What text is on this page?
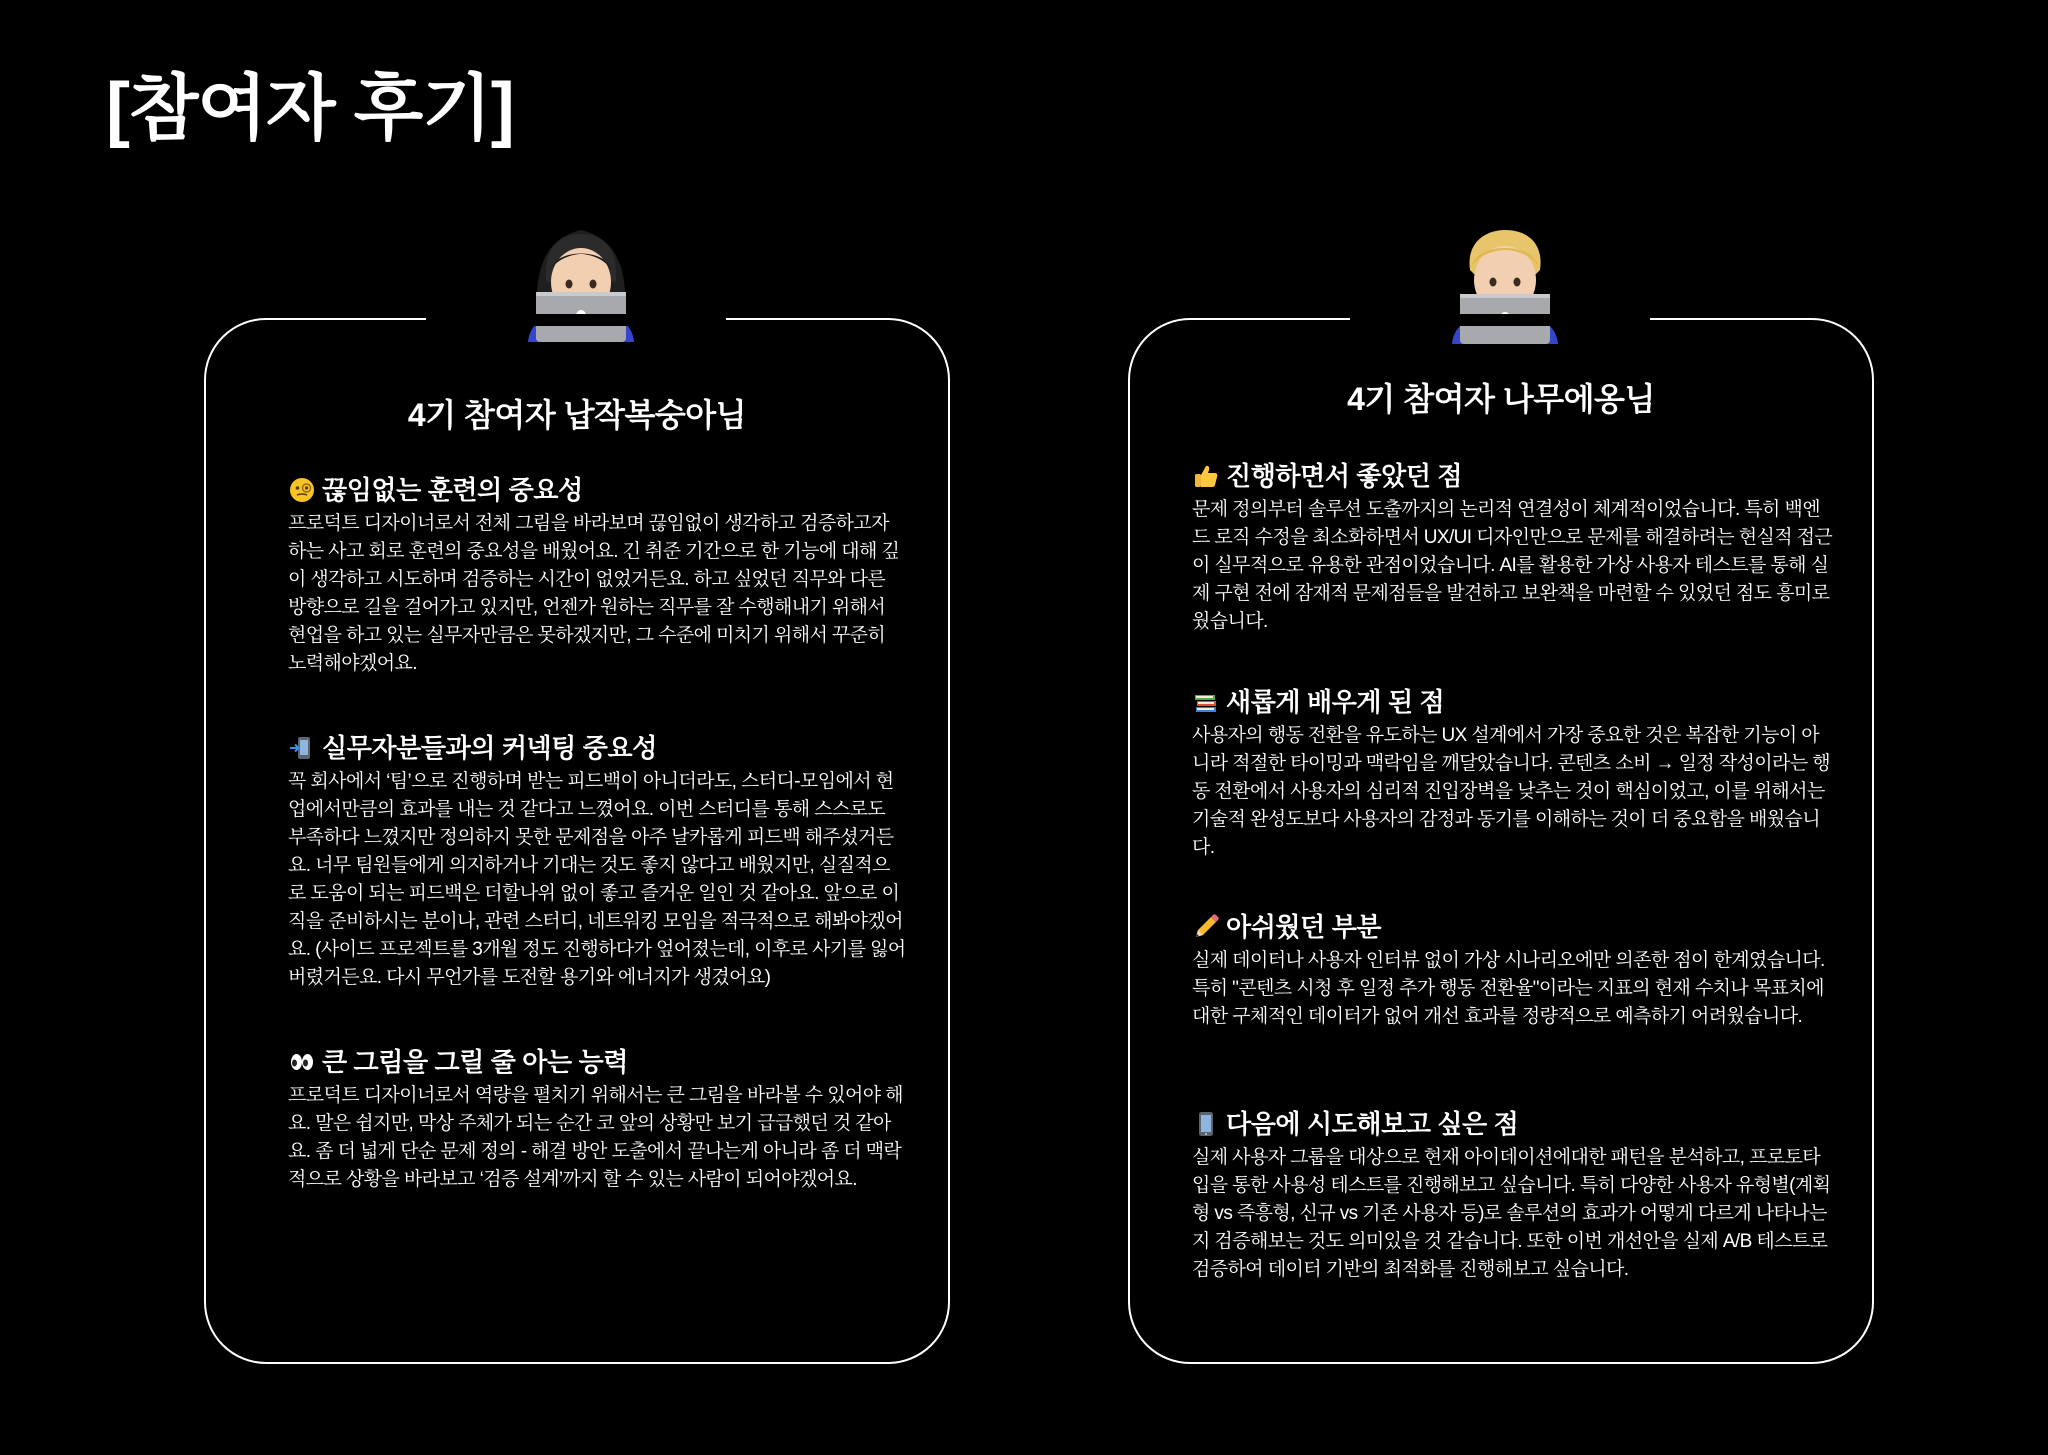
[참여자 후기]
4기 참여자 납작복숭아님
끊임없는 훈련의 중요성

프로덕트 디자이너로서 전체 그림을 바라보며 끊임없이 생각하고 검증하고자 하는 사고 회로 훈련의 중요성을 배웠어요. 긴 취준 기간으로 한 기능에 대해 깊이 생각하고 시도하며 검증하는 시간이 없었거든요. 하고 싶었던 직무와 다른 방향으로 길을 걸어가고 있지만, 언젠가 원하는 직무를 잘 수행해내기 위해서 현업을 하고 있는 실무자만큼은 못하겠지만, 그 수준에 미치기 위해서 꾸준히 노력해야겠어요.

실무자분들과의 커넥팅 중요성

꼭 회사에서 ‘팀’으로 진행하며 받는 피드백이 아니더라도, 스터디-모임에서 현업에서만큼의 효과를 내는 것 같다고 느꼈어요. 이번 스터디를 통해 스스로도 부족하다 느꼈지만 정의하지 못한 문제점을 아주 날카롭게 피드백 해주셨거든요. 너무 팀원들에게 의지하거나 기대는 것도 좋지 않다고 배웠지만, 실질적으로 도움이 되는 피드백은 더할나위 없이 좋고 즐거운 일인 것 같아요. 앞으로 이직을 준비하시는 분이나, 관련 스터디, 네트워킹 모임을 적극적으로 해봐야겠어요. (사이드 프로젝트를 3개월 정도 진행하다가 엎어졌는데, 이후로 사기를 잃어버렸거든요. 다시 무언가를 도전할 용기와 에너지가 생겼어요)

큰 그림을 그릴 줄 아는 능력

프로덕트 디자이너로서 역량을 펼치기 위해서는 큰 그림을 바라볼 수 있어야 해요. 말은 쉽지만, 막상 주체가 되는 순간 코 앞의 상황만 보기 급급했던 것 같아요. 좀 더 넓게 단순 문제 정의 - 해결 방안 도출에서 끝나는게 아니라 좀 더 맥락적으로 상황을 바라보고 ‘검증 설계’까지 할 수 있는 사람이 되어야겠어요.

4기 참여자 나무에옹님
진행하면서 좋았던 점

문제 정의부터 솔루션 도출까지의 논리적 연결성이 체계적이었습니다. 특히 백엔드 로직 수정을 최소화하면서 UX/UI 디자인만으로 문제를 해결하려는 현실적 접근이 실무적으로 유용한 관점이었습니다. AI를 활용한 가상 사용자 테스트를 통해 실제 구현 전에 잠재적 문제점들을 발견하고 보완책을 마련할 수 있었던 점도 흥미로웠습니다.

새롭게 배우게 된 점

사용자의 행동 전환을 유도하는 UX 설계에서 가장 중요한 것은 복잡한 기능이 아니라 적절한 타이밍과 맥락임을 깨달았습니다. 콘텐츠 소비 → 일정 작성이라는 행동 전환에서 사용자의 심리적 진입장벽을 낮추는 것이 핵심이었고, 이를 위해서는 기술적 완성도보다 사용자의 감정과 동기를 이해하는 것이 더 중요함을 배웠습니다.

아쉬웠던 부분

실제 데이터나 사용자 인터뷰 없이 가상 시나리오에만 의존한 점이 한계였습니다. 특히 "콘텐츠 시청 후 일정 추가 행동 전환율"이라는 지표의 현재 수치나 목표치에 대한 구체적인 데이터가 없어 개선 효과를 정량적으로 예측하기 어려웠습니다.

다음에 시도해보고 싶은 점

실제 사용자 그룹을 대상으로 현재 아이데이션에대한 패턴을 분석하고, 프로토타입을 통한 사용성 테스트를 진행해보고 싶습니다. 특히 다양한 사용자 유형별(계획형 vs 즉흥형, 신규 vs 기존 사용자 등)로 솔루션의 효과가 어떻게 다르게 나타나는지 검증해보는 것도 의미있을 것 같습니다. 또한 이번 개선안을 실제 A/B 테스트로 검증하여 데이터 기반의 최적화를 진행해보고 싶습니다.
